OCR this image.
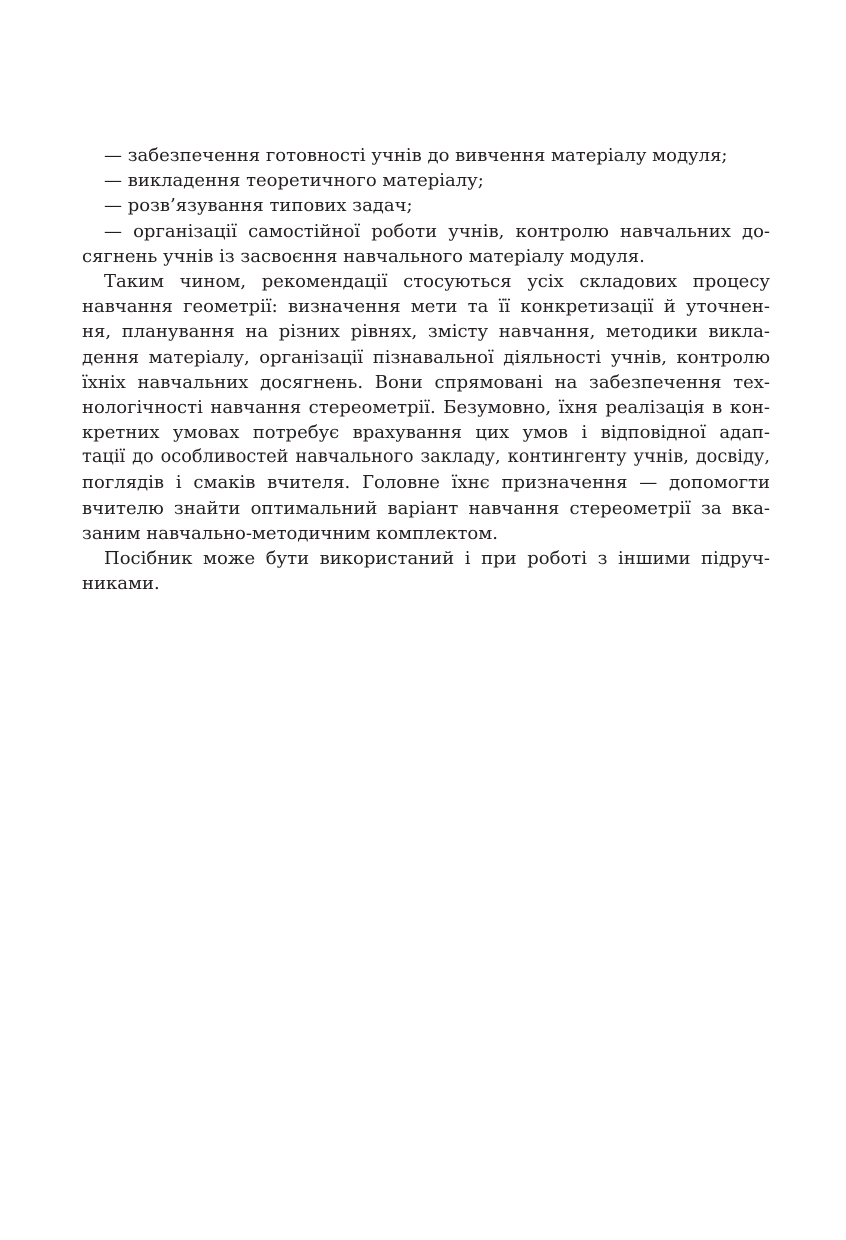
— забезпечення готовності учнів до вивчення матеріалу модуля;
— викладення теоретичного матеріалу;
— розв’язування типових задач;
— організації самостійної роботи учнів, контролю навчальних до-
сягнень учнів із засвоєння навчального матеріалу модуля.
Таким чином, рекомендації стосуються усіх складових процесу
навчання геометрії: визначення мети та її конкретизації й уточнен-
ня, планування на різних рівнях, змісту навчання, методики виклa-
дення матеріалу, організації пізнавальної діяльності учнів, контролю
їхніх навчальних досягнень. Вони спрямовані на забезпечення тех-
нологічності навчання стереометрії. Безумовно, їхня реалізація в кон-
кретних умовах потребує врахування цих умов і відповідної адап-
тації до особливостей навчального закладу, контингенту учнів, досвіду,
поглядів і смаків вчителя. Головне їхнє призначення — допомогти
вчителю знайти оптимальний варіант навчання стереометрії за вка-
заним навчально-методичним комплектом.
Посібник може бути використаний і при роботі з іншими підруч-
никами.
